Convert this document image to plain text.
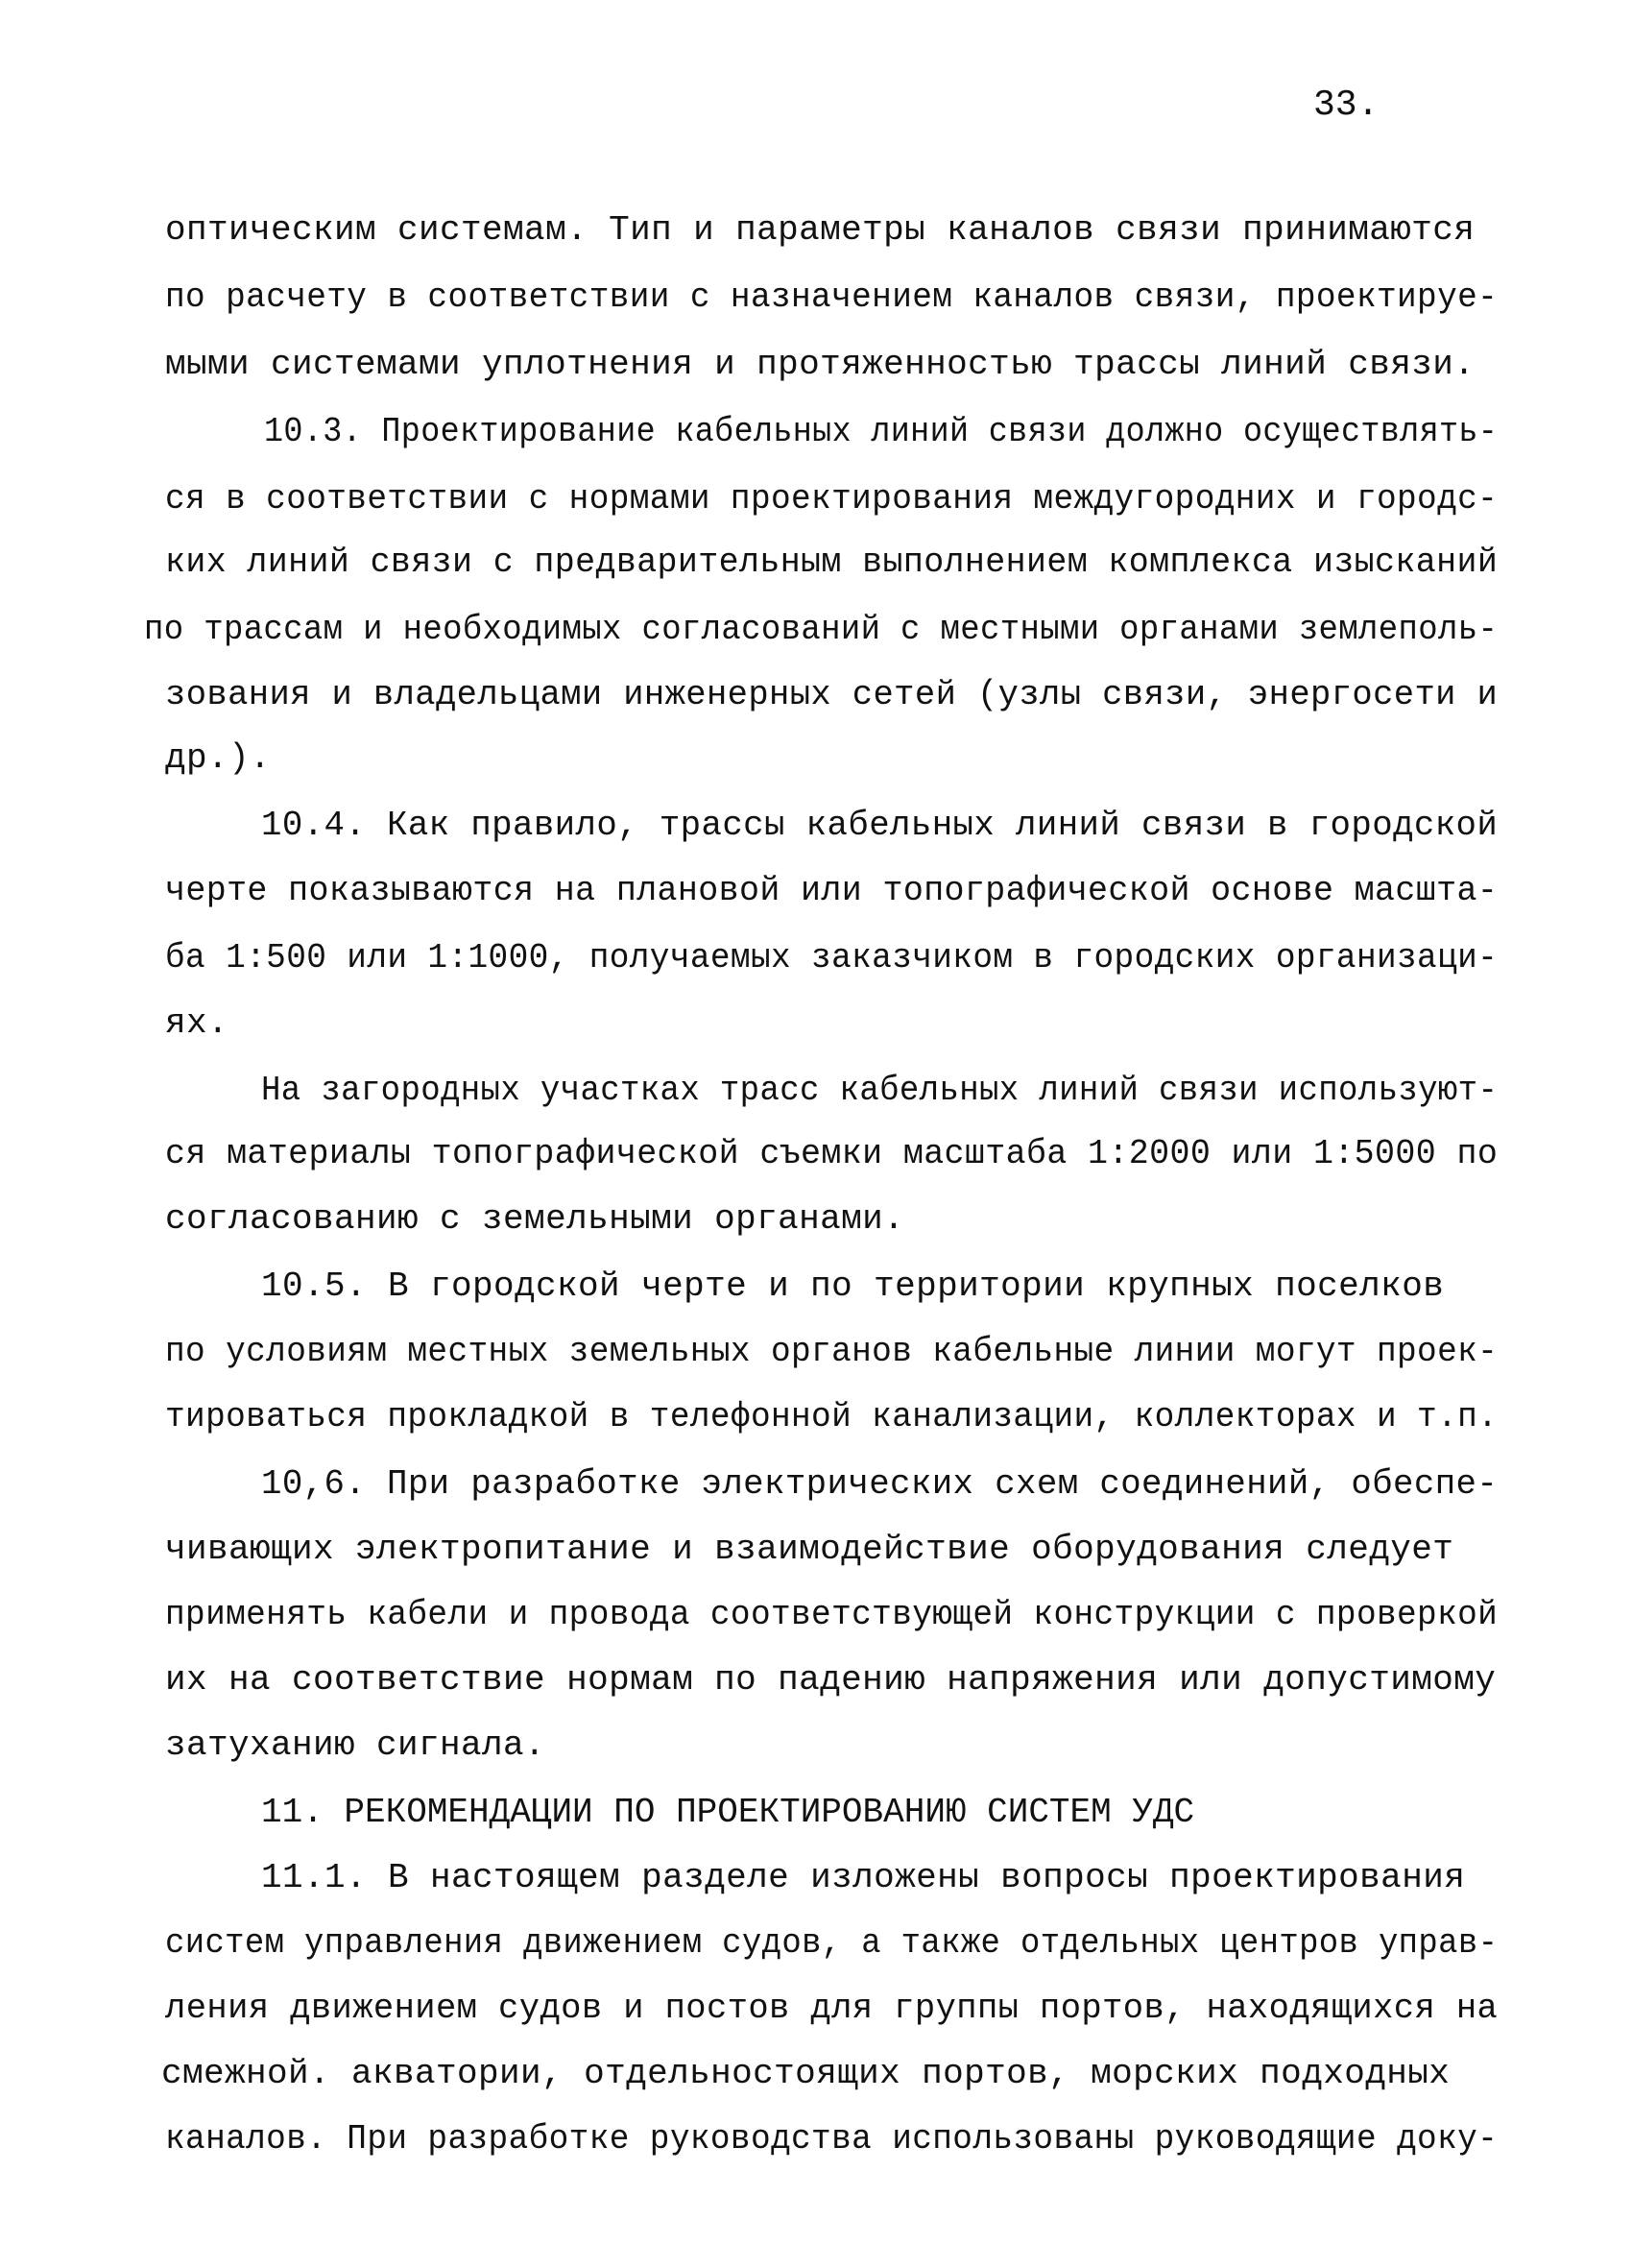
33.
оптическим системам. Тип и параметры каналов связи принимаются
по расчету в соответствии с назначением каналов связи, проектируе-
мыми системами уплотнения и протяженностью трассы линий связи.
10.3. Проектирование кабельных линий связи должно осуществлять-
ся в соответствии с нормами проектирования междугородних и городс-
ких линий связи с предварительным выполнением комплекса изысканий
по трассам и необходимых согласований с местными органами землеполь-
зования и владельцами инженерных сетей (узлы связи, энергосети и
др.).
10.4. Как правило, трассы кабельных линий связи в городской
черте показываются на плановой или топографической основе масшта-
ба 1:500 или 1:1000, получаемых заказчиком в городских организаци-
ях.
На загородных участках трасс кабельных линий связи используют-
ся материалы топографической съемки масштаба 1:2000 или 1:5000 по
согласованию с земельными органами.
10.5. В городской черте и по территории крупных поселков
по условиям местных земельных органов кабельные линии могут проек-
тироваться прокладкой в телефонной канализации, коллекторах и т.п.
10,6. При разработке электрических схем соединений, обеспе-
чивающих электропитание и взаимодействие оборудования следует
применять кабели и провода соответствующей конструкции с проверкой
их на соответствие нормам по падению напряжения или допустимому
затуханию сигнала.
11. РЕКОМЕНДАЦИИ ПО ПРОЕКТИРОВАНИЮ СИСТЕМ УДС
11.1. В настоящем разделе изложены вопросы проектирования
систем управления движением судов, а также отдельных центров управ-
ления движением судов и постов для группы портов, находящихся на
смежной. акватории, отдельностоящих портов, морских подходных
каналов. При разработке руководства использованы руководящие доку-
